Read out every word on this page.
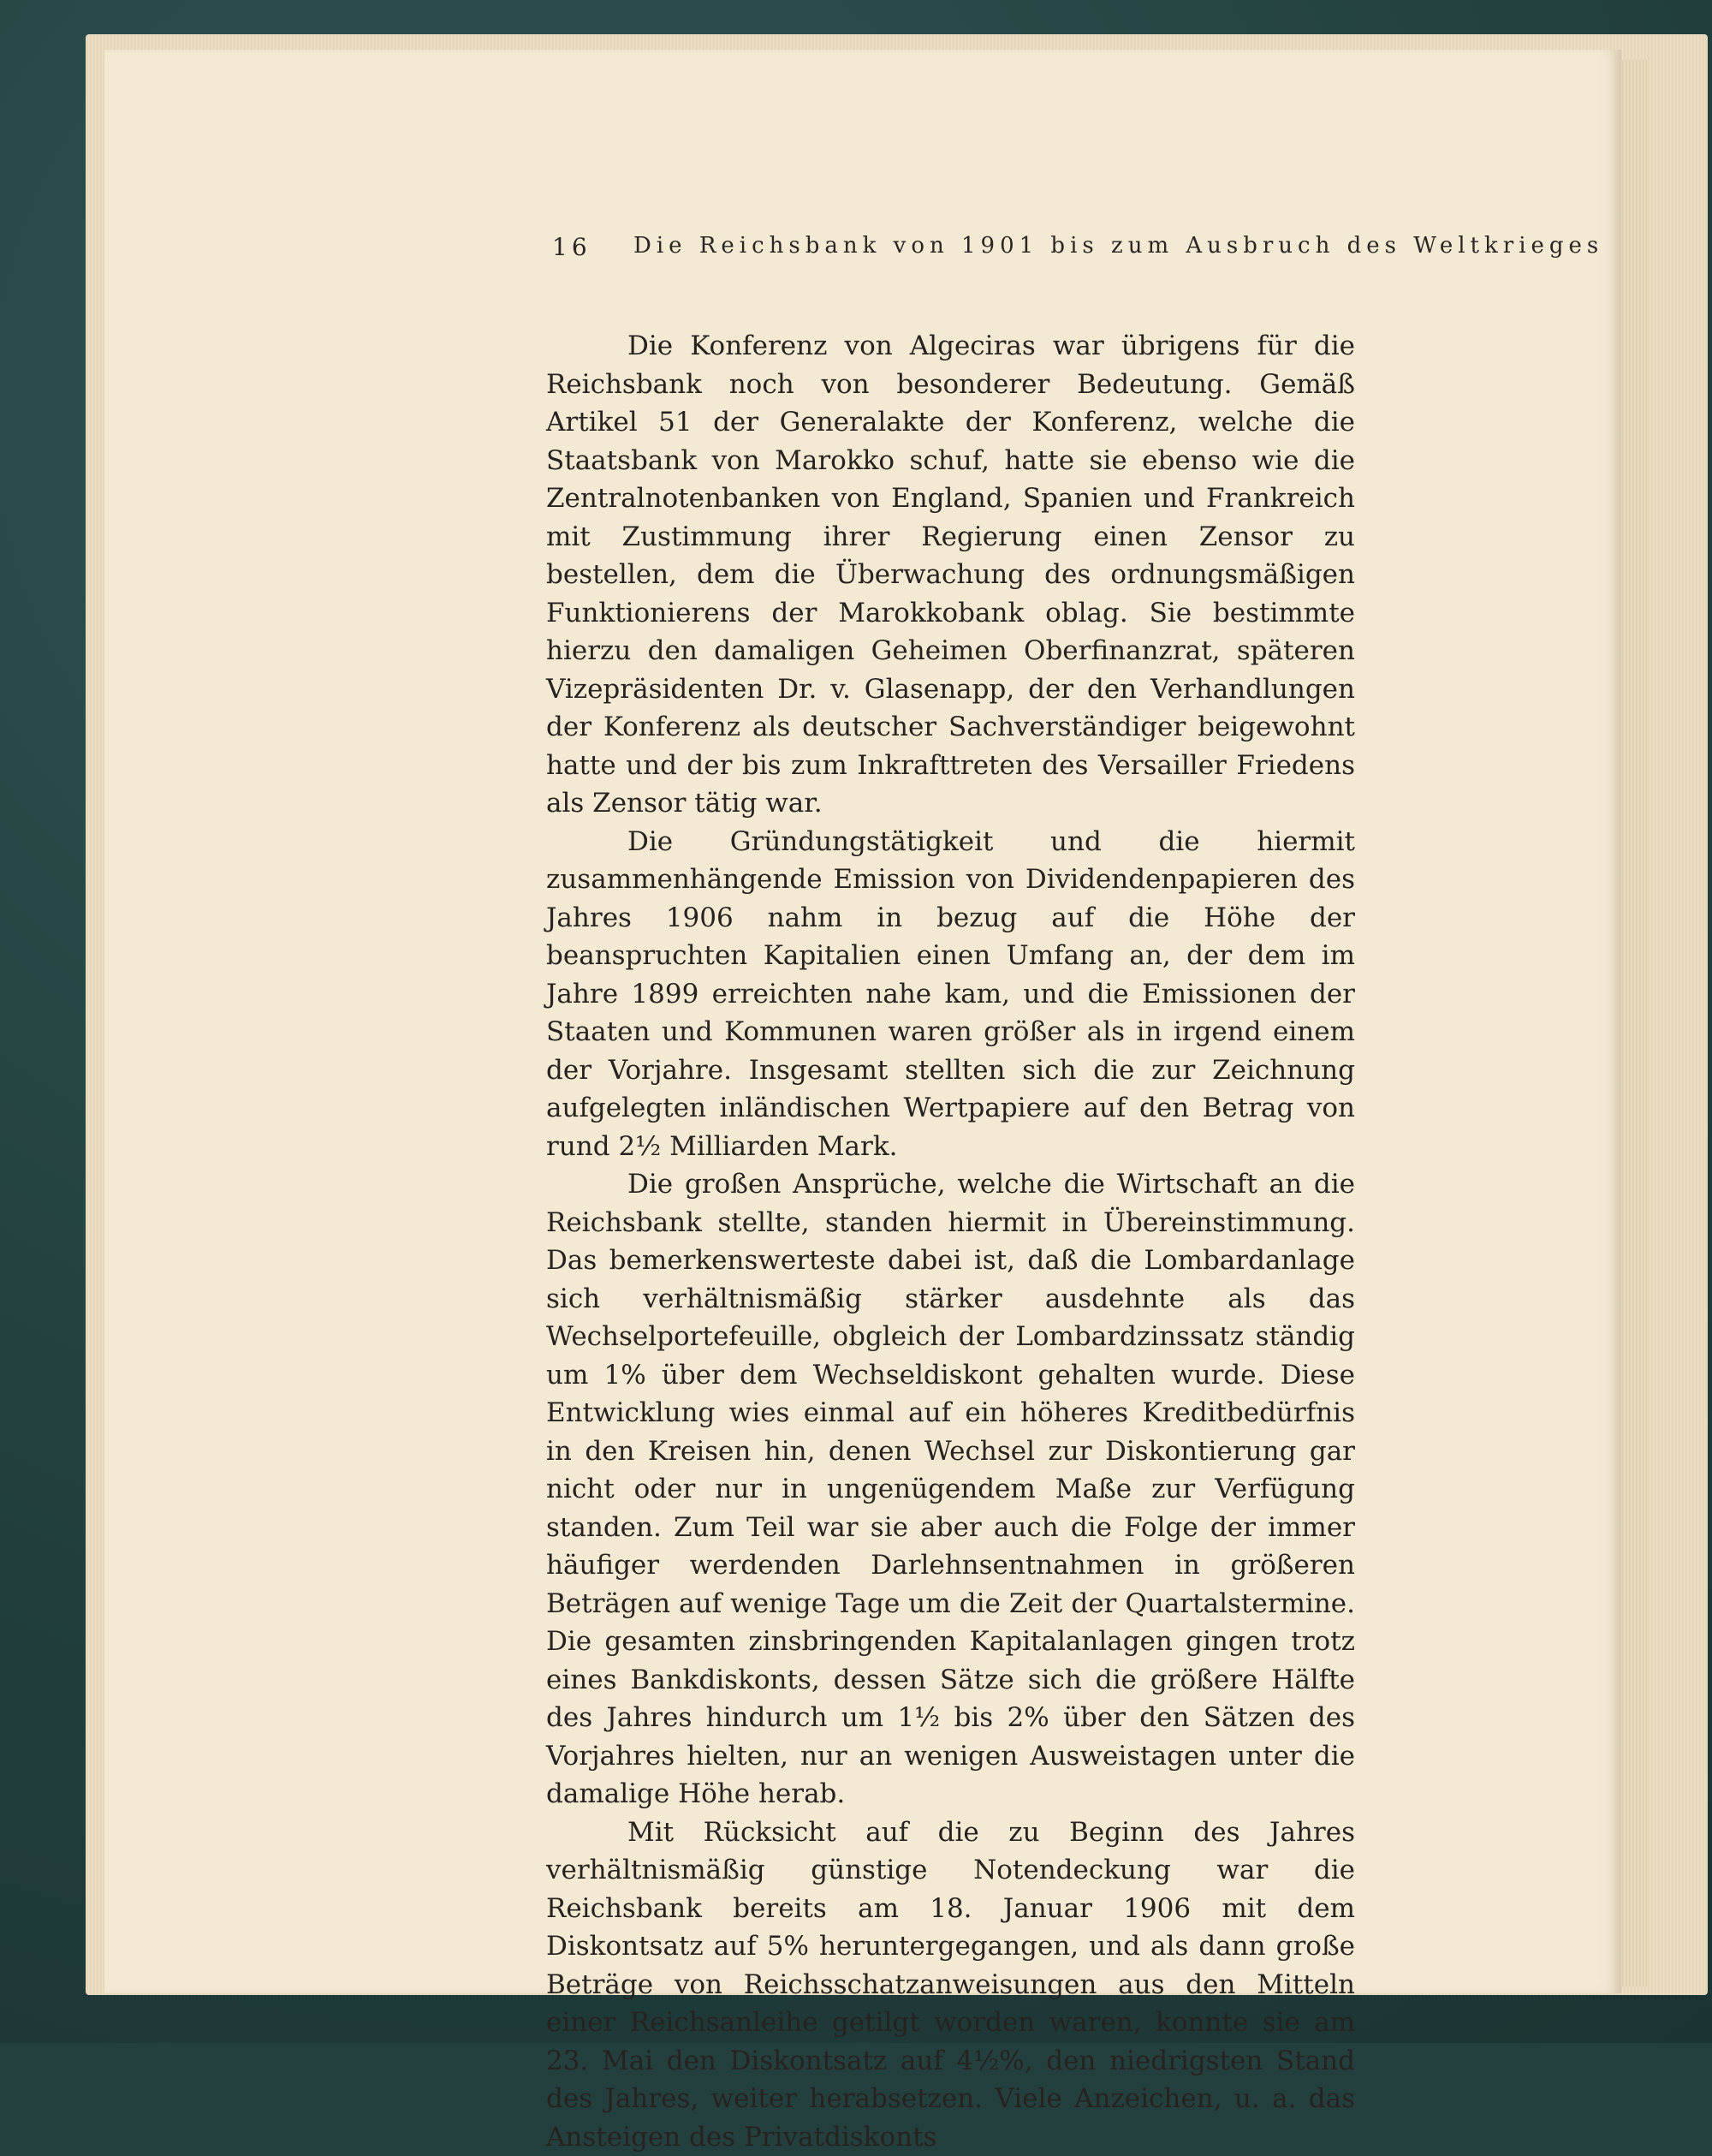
16 Die Reichsbank von 1901 bis zum Ausbruch des Weltkrieges

Die Konferenz von Algeciras war übrigens für die Reichsbank noch von besonderer Bedeutung. Gemäß Artikel 51 der Generalakte der Konferenz, welche die Staatsbank von Marokko schuf, hatte sie ebenso wie die Zentralnotenbanken von England, Spanien und Frankreich mit Zustimmung ihrer Regierung einen Zensor zu bestellen, dem die Überwachung des ordnungsmäßigen Funktionierens der Marokkobank oblag. Sie bestimmte hierzu den damaligen Geheimen Oberfinanzrat, späteren Vizepräsidenten Dr. v. Glasenapp, der den Verhandlungen der Konferenz als deutscher Sachverständiger beigewohnt hatte und der bis zum Inkrafttreten des Versailler Friedens als Zensor tätig war.

Die Gründungstätigkeit und die hiermit zusammenhängende Emission von Dividendenpapieren des Jahres 1906 nahm in bezug auf die Höhe der beanspruchten Kapitalien einen Umfang an, der dem im Jahre 1899 erreichten nahe kam, und die Emissionen der Staaten und Kommunen waren größer als in irgend einem der Vorjahre. Insgesamt stellten sich die zur Zeichnung aufgelegten inländischen Wertpapiere auf den Betrag von rund 2½ Milliarden Mark.

Die großen Ansprüche, welche die Wirtschaft an die Reichsbank stellte, standen hiermit in Übereinstimmung. Das bemerkenswerteste dabei ist, daß die Lombardanlage sich verhältnismäßig stärker ausdehnte als das Wechselportefeuille, obgleich der Lombardzinssatz ständig um 1% über dem Wechseldiskont gehalten wurde. Diese Entwicklung wies einmal auf ein höheres Kreditbedürfnis in den Kreisen hin, denen Wechsel zur Diskontierung gar nicht oder nur in ungenügendem Maße zur Verfügung standen. Zum Teil war sie aber auch die Folge der immer häufiger werdenden Darlehnsentnahmen in größeren Beträgen auf wenige Tage um die Zeit der Quartalstermine. Die gesamten zinsbringenden Kapitalanlagen gingen trotz eines Bankdiskonts, dessen Sätze sich die größere Hälfte des Jahres hindurch um 1½ bis 2% über den Sätzen des Vorjahres hielten, nur an wenigen Ausweistagen unter die damalige Höhe herab.

Mit Rücksicht auf die zu Beginn des Jahres verhältnismäßig günstige Notendeckung war die Reichsbank bereits am 18. Januar 1906 mit dem Diskontsatz auf 5% heruntergegangen, und als dann große Beträge von Reichsschatzanweisungen aus den Mitteln einer Reichsanleihe getilgt worden waren, konnte sie am 23. Mai den Diskontsatz auf 4½%, den niedrigsten Stand des Jahres, weiter herabsetzen. Viele Anzeichen, u. a. das Ansteigen des Privatdiskonts
